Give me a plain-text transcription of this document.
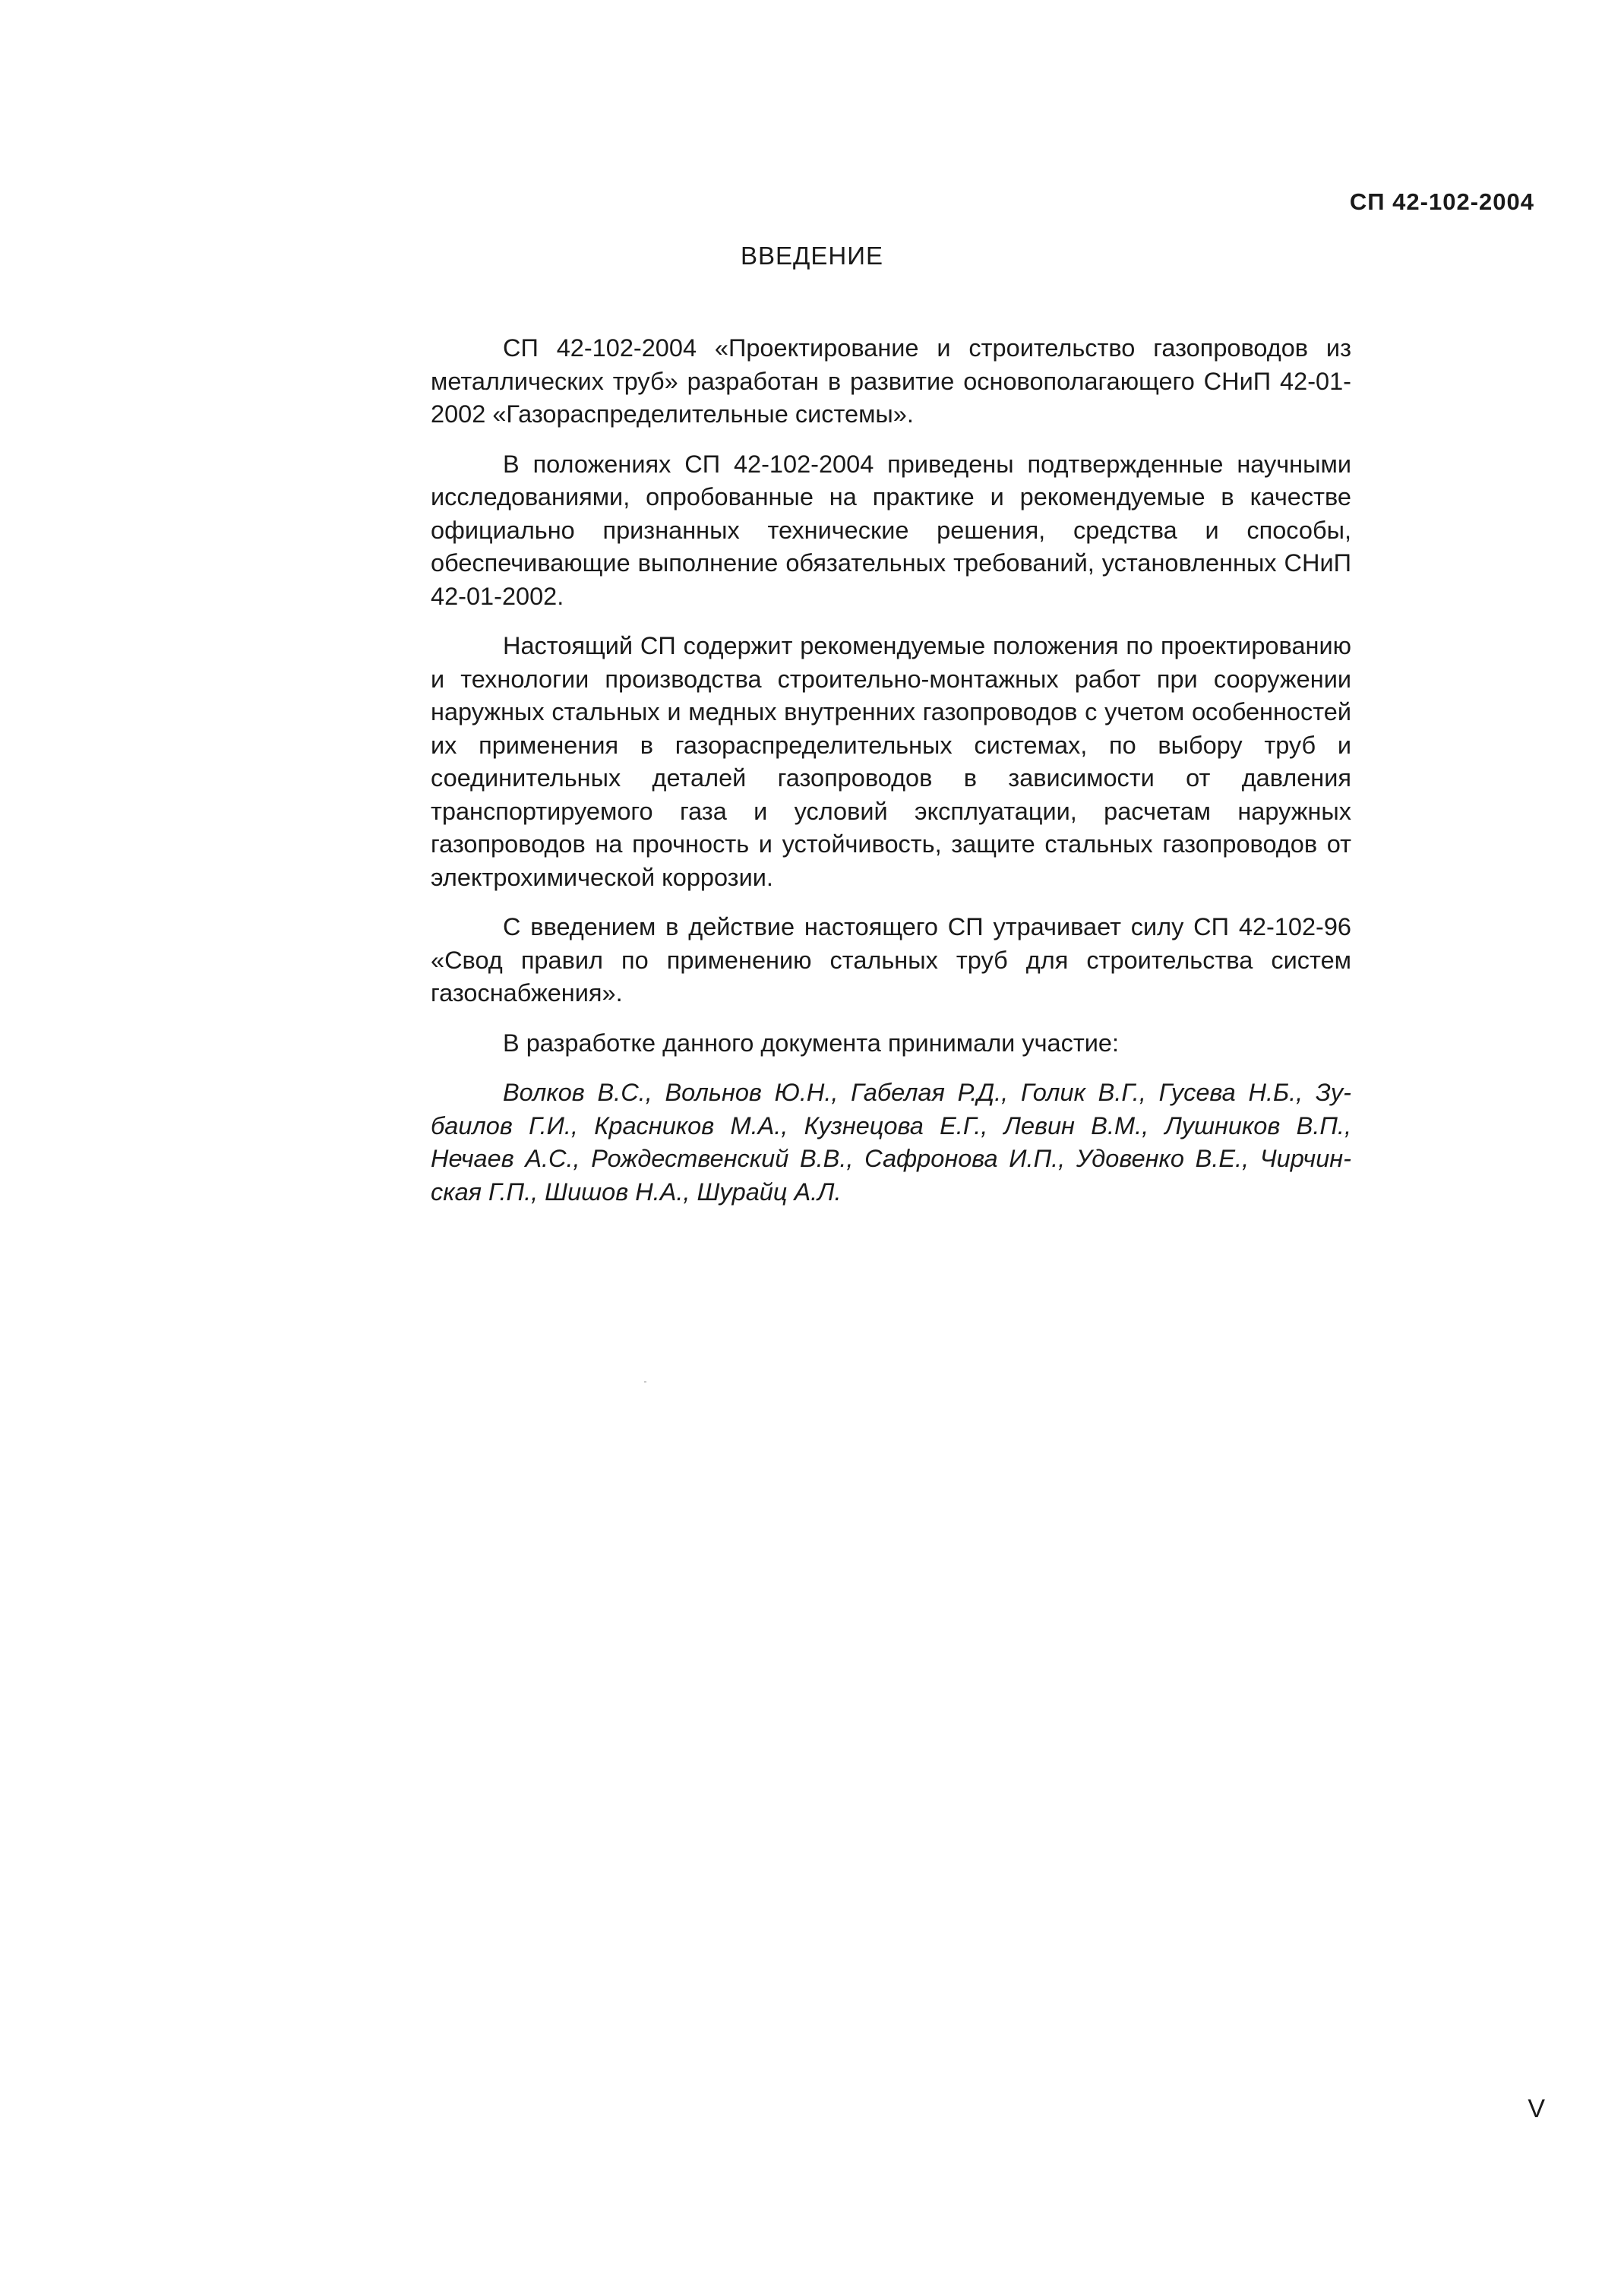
СП 42-102-2004

ВВЕДЕНИЕ

СП 42-102-2004 «Проектирование и строительство газопроводов из металлических труб» разработан в развитие основополагающего СНиП 42-01-2002 «Газораспределительные системы».

В положениях СП 42-102-2004 приведены подтвержденные научными исследованиями, опробованные на практике и рекомендуемые в качестве официально признанных технические решения, средства и способы, обеспечивающие выполнение обязательных требований, установленных СНиП 42-01-2002.

Настоящий СП содержит рекомендуемые положения по проектированию и технологии производства строительно-монтажных работ при сооружении наружных стальных и медных внутренних газопроводов с учетом особенностей их применения в газораспределительных системах, по выбору труб и соединительных деталей газопроводов в зависимости от давления транспортируемого газа и условий эксплуатации, расчетам наружных газопроводов на прочность и устойчивость, защите стальных газопроводов от электрохимической коррозии.

С введением в действие настоящего СП утрачивает силу СП 42-102-96 «Свод правил по применению стальных труб для строительства систем газоснабжения».

В разработке данного документа принимали участие:

Волков В.С., Вольнов Ю.Н., Габелая Р.Д., Голик В.Г., Гусева Н.Б., Зубаилов Г.И., Красников М.А., Кузнецова Е.Г., Левин В.М., Лушников В.П., Нечаев А.С., Рождественский В.В., Сафронова И.П., Удовенко В.Е., Чирчинская Г.П., Шишов Н.А., Шурайц А.Л.

V
